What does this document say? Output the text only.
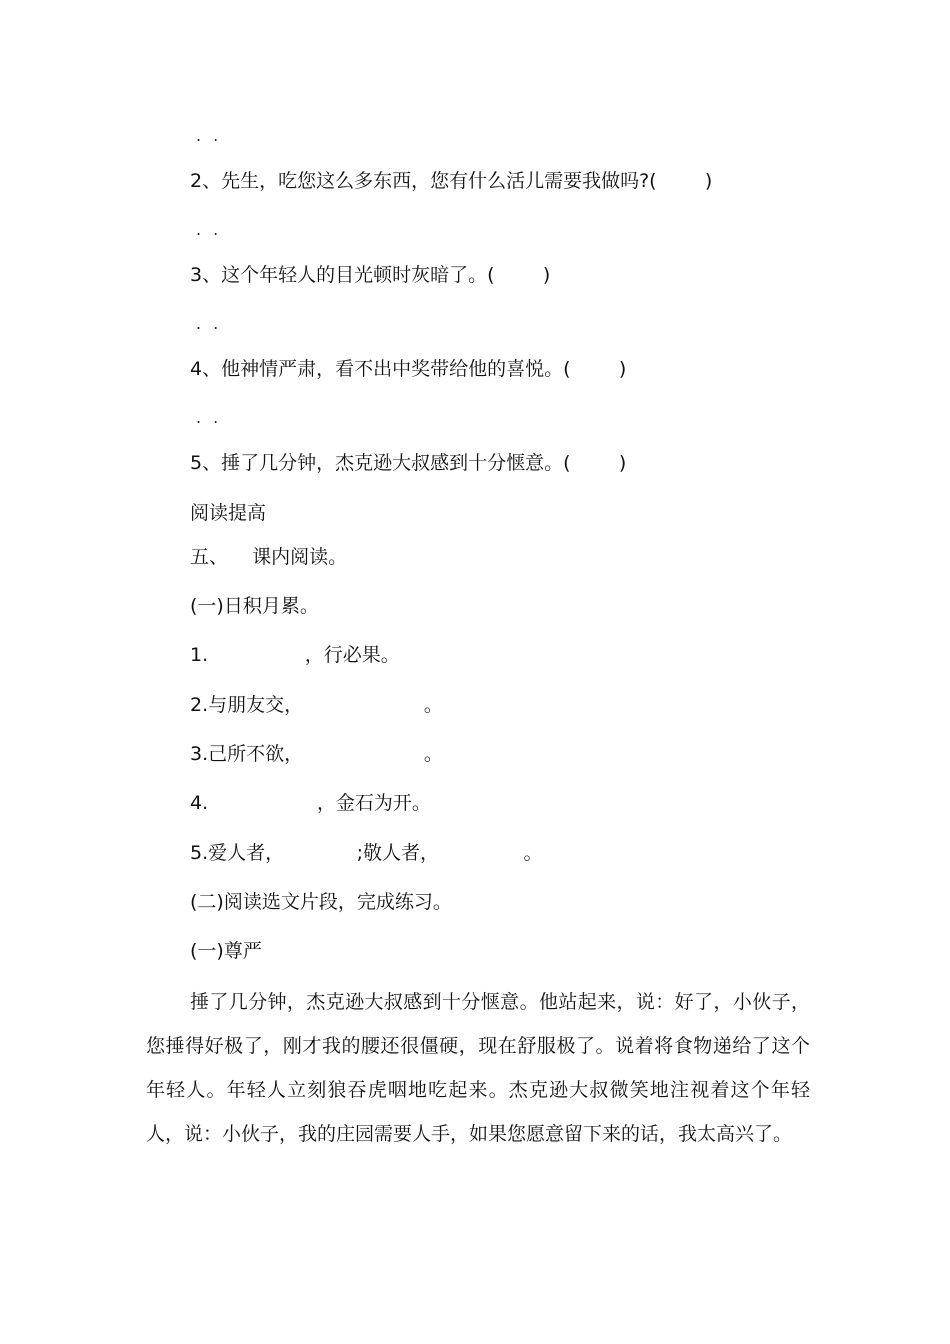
..
2、先生，吃您这么多东西，您有什么活儿需要我做吗?(        )
..
3、这个年轻人的目光顿时灰暗了。(        )
..
4、他神情严肃，看不出中奖带给他的喜悦。(        )
..
5、捶了几分钟，杰克逊大叔感到十分惬意。(        )
阅读提高
五、    课内阅读。
(一)日积月累。
1.                ，行必果。
2.与朋友交，                    。
3.己所不欲，                    。
4.                  ，金石为开。
5.爱人者，            ;敬人者，              。
(二)阅读选文片段，完成练习。
(一)尊严
捶了几分钟，杰克逊大叔感到十分惬意。他站起来，说：好了，小伙子，您捶得好极了，刚才我的腰还很僵硬，现在舒服极了。说着将食物递给了这个年轻人。年轻人立刻狼吞虎咽地吃起来。杰克逊大叔微笑地注视着这个年轻人，说：小伙子，我的庄园需要人手，如果您愿意留下来的话，我太高兴了。
